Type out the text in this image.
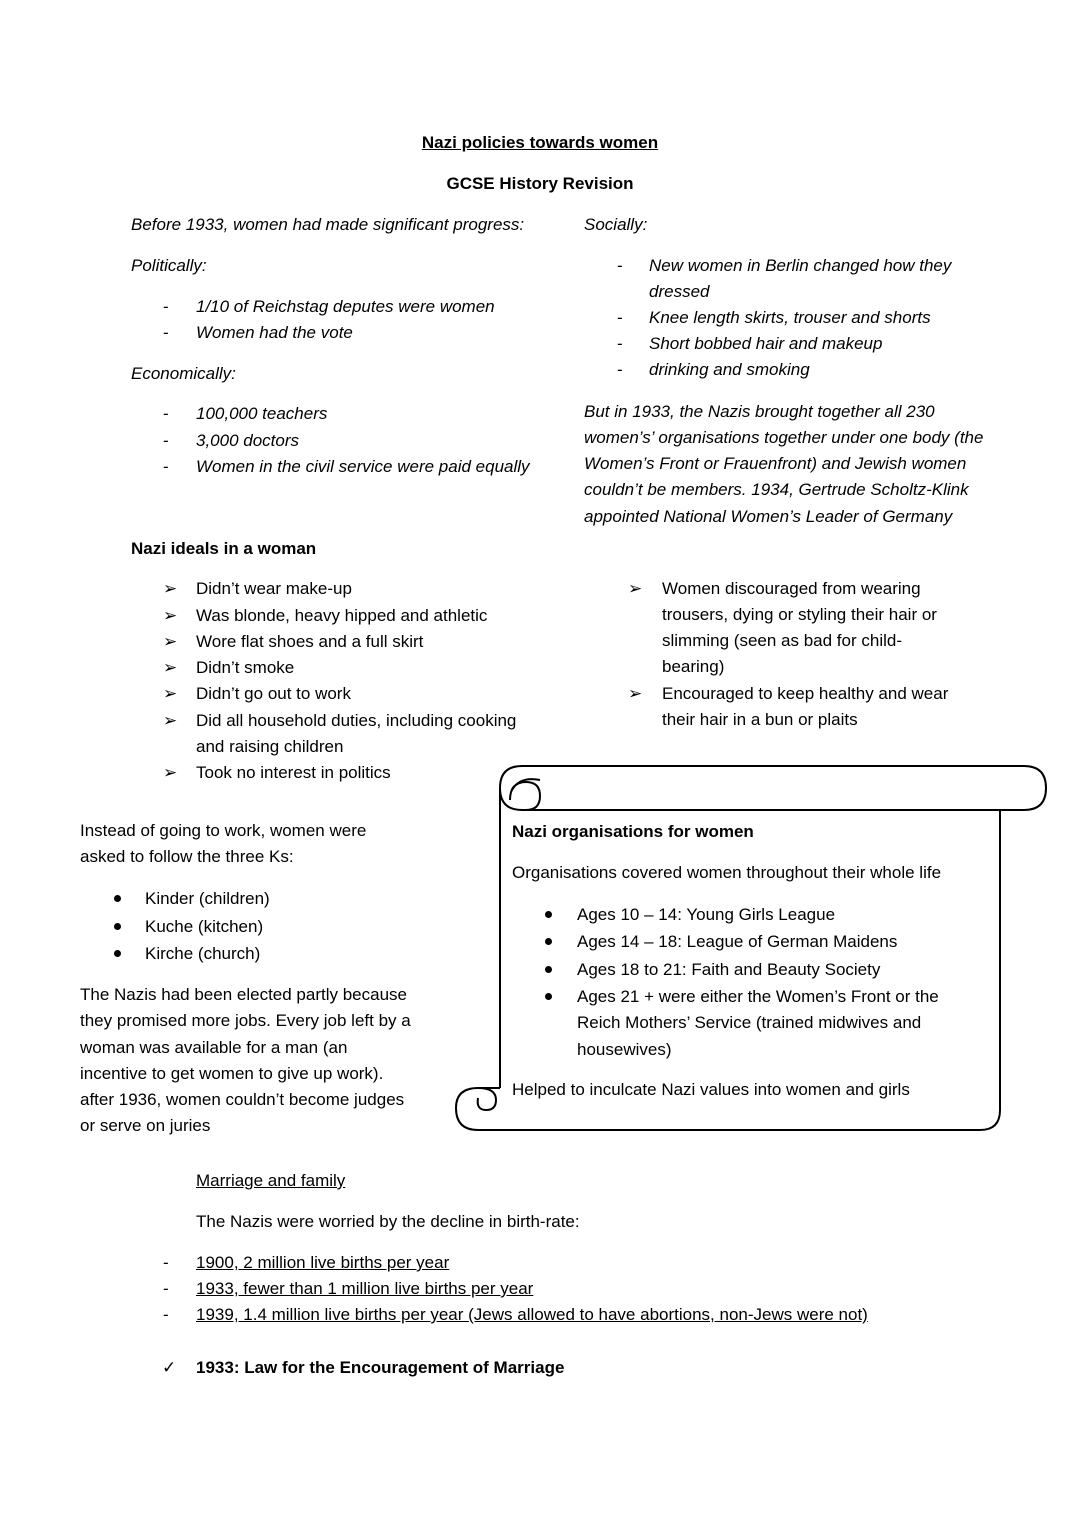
Nazi policies towards women
GCSE History Revision
Before 1933, women had made significant progress:
Politically:
- 1/10 of Reichstag deputes were women
- Women had the vote
Economically:
- 100,000 teachers
- 3,000 doctors
- Women in the civil service were paid equally
Socially:
- New women in Berlin changed how they
dressed
- Knee length skirts, trouser and shorts
- Short bobbed hair and makeup
- drinking and smoking
But in 1933, the Nazis brought together all 230
women’s’ organisations together under one body (the
Women’s Front or Frauenfront) and Jewish women
couldn’t be members. 1934, Gertrude Scholtz-Klink
appointed National Women’s Leader of Germany
Nazi ideals in a woman
➢ Didn’t wear make-up
➢ Was blonde, heavy hipped and athletic
➢ Wore flat shoes and a full skirt
➢ Didn’t smoke
➢ Didn’t go out to work
➢ Did all household duties, including cooking
and raising children
➢ Took no interest in politics
➢ Women discouraged from wearing
trousers, dying or styling their hair or
slimming (seen as bad for child-
bearing)
➢ Encouraged to keep healthy and wear
their hair in a bun or plaits
Instead of going to work, women were
asked to follow the three Ks:
Kinder (children)
Kuche (kitchen)
Kirche (church)
The Nazis had been elected partly because
they promised more jobs. Every job left by a
woman was available for a man (an
incentive to get women to give up work).
after 1936, women couldn’t become judges
or serve on juries
Nazi organisations for women
Organisations covered women throughout their whole life
Ages 10 – 14: Young Girls League
Ages 14 – 18: League of German Maidens
Ages 18 to 21: Faith and Beauty Society
Ages 21 + were either the Women’s Front or the
Reich Mothers’ Service (trained midwives and
housewives)
Helped to inculcate Nazi values into women and girls
Marriage and family
The Nazis were worried by the decline in birth-rate:
- 1900, 2 million live births per year
- 1933, fewer than 1 million live births per year
- 1939, 1.4 million live births per year (Jews allowed to have abortions, non-Jews were not)
✓ 1933: Law for the Encouragement of Marriage
